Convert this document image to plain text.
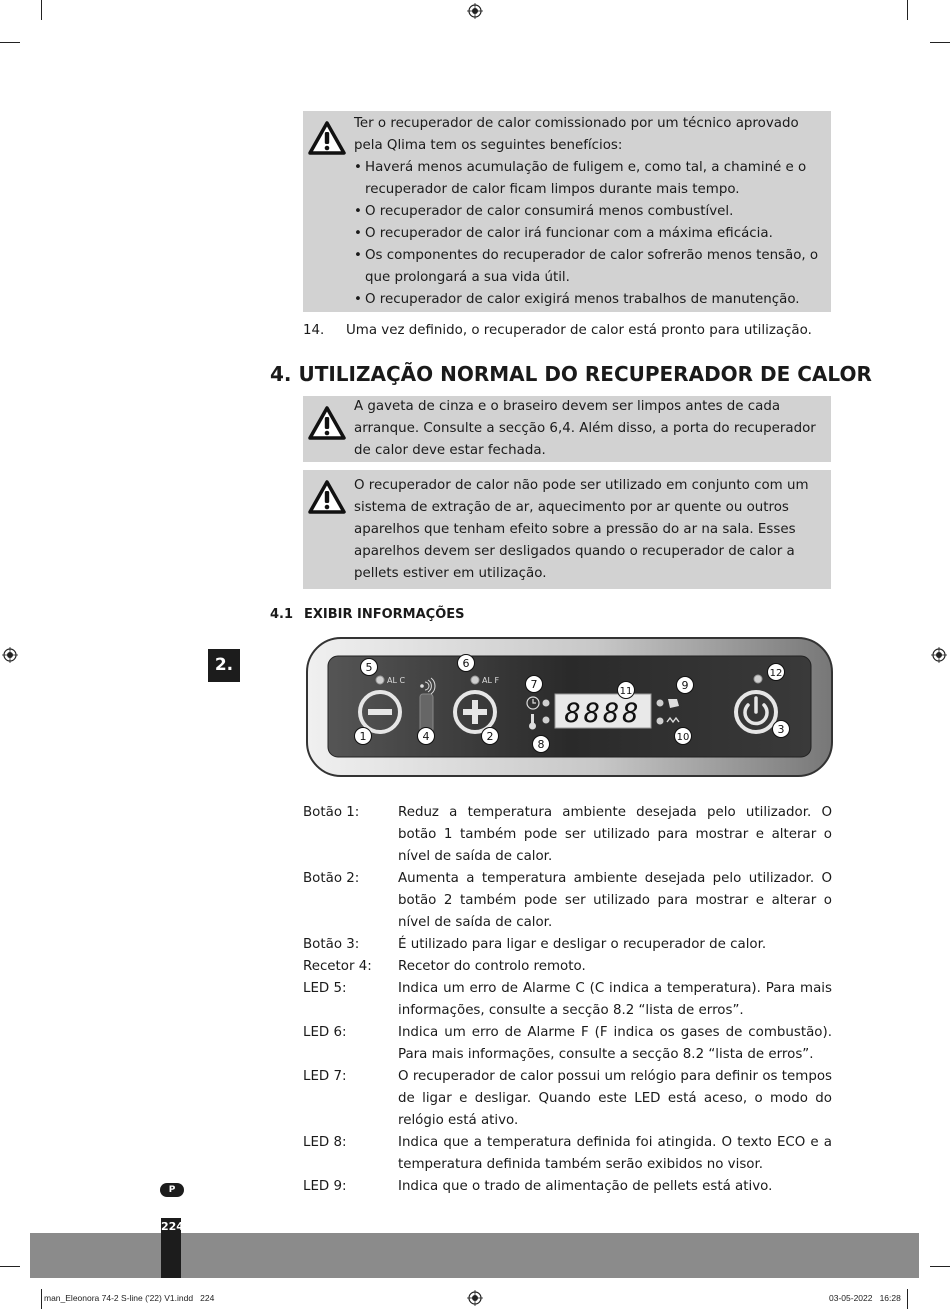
Ter o recuperador de calor comissionado por um técnico aprovado pela Qlima tem os seguintes benefícios:

• Haverá menos acumulação de fuligem e, como tal, a chaminé e o recuperador de calor ficam limpos durante mais tempo.

• O recuperador de calor consumirá menos combustível.

• O recuperador de calor irá funcionar com a máxima eficácia.

• Os componentes do recuperador de calor sofrerão menos tensão, o que prolongará a sua vida útil.

• O recuperador de calor exigirá menos trabalhos de manutenção.

14. Uma vez definido, o recuperador de calor está pronto para utilização.
4. UTILIZAÇÃO NORMAL DO RECUPERADOR DE CALOR

A gaveta de cinza e o braseiro devem ser limpos antes de cada arranque. Consulte a secção 6,4. Além disso, a porta do recuperador de calor deve estar fechada.

O recuperador de calor não pode ser utilizado em conjunto com um sistema de extração de ar, aquecimento por ar quente ou outros aparelhos que tenham efeito sobre a pressão do ar na sala. Esses aparelhos devem ser desligados quando o recuperador de calor a pellets estiver em utilização.

4.1 EXIBIR INFORMAÇÕES
2.
AL C	AL F
8888
5	6
7
11	9
12
1	4	2
8
10
3
Botão 1:	Reduz a temperatura ambiente desejada pelo utilizador. O botão 1 também pode ser utilizado para mostrar e alterar o nível de saída de calor.
Botão 2:	Aumenta a temperatura ambiente desejada pelo utilizador. O botão 2 também pode ser utilizado para mostrar e alterar o nível de saída de calor.
Botão 3:	É utilizado para ligar e desligar o recuperador de calor.
Recetor 4:	Recetor do controlo remoto.
LED 5:	Indica um erro de Alarme C (C indica a temperatura). Para mais informações, consulte a secção 8.2 “lista de erros”.
LED 6:	Indica um erro de Alarme F (F indica os gases de combustão). Para mais informações, consulte a secção 8.2 “lista de erros”.
LED 7:	O recuperador de calor possui um relógio para definir os tempos de ligar e desligar. Quando este LED está aceso, o modo do relógio está ativo.
LED 8:	Indica que a temperatura definida foi atingida. O texto ECO e a temperatura definida também serão exibidos no visor.
LED 9:	Indica que o trado de alimentação de pellets está ativo.
224
P
man_Eleonora 74-2 S-line ('22) V1.indd   224	03-05-2022   16:28
